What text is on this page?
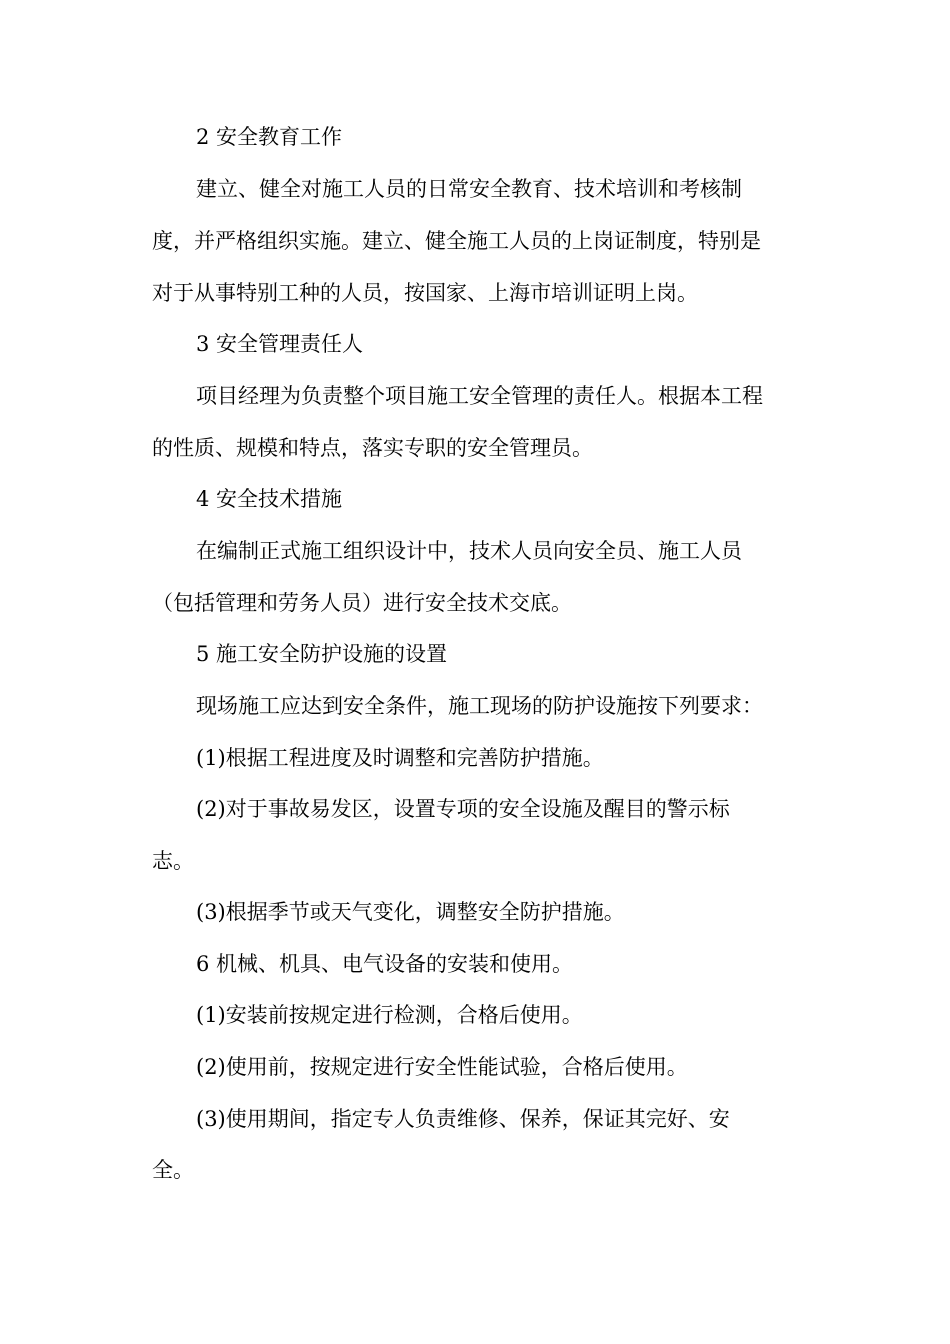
2 安全教育工作

建立、健全对施工人员的日常安全教育、技术培训和考核制

度，并严格组织实施。建立、健全施工人员的上岗证制度，特别是

对于从事特别工种的人员，按国家、上海市培训证明上岗。

3 安全管理责任人

项目经理为负责整个项目施工安全管理的责任人。根据本工程

的性质、规模和特点，落实专职的安全管理员。

4 安全技术措施

在编制正式施工组织设计中，技术人员向安全员、施工人员

（包括管理和劳务人员）进行安全技术交底。

5 施工安全防护设施的设置

现场施工应达到安全条件，施工现场的防护设施按下列要求：

(1)根据工程进度及时调整和完善防护措施。

(2)对于事故易发区，设置专项的安全设施及醒目的警示标

志。

(3)根据季节或天气变化，调整安全防护措施。

6 机械、机具、电气设备的安装和使用。

(1)安装前按规定进行检测，合格后使用。

(2)使用前，按规定进行安全性能试验，合格后使用。

(3)使用期间，指定专人负责维修、保养，保证其完好、安

全。
